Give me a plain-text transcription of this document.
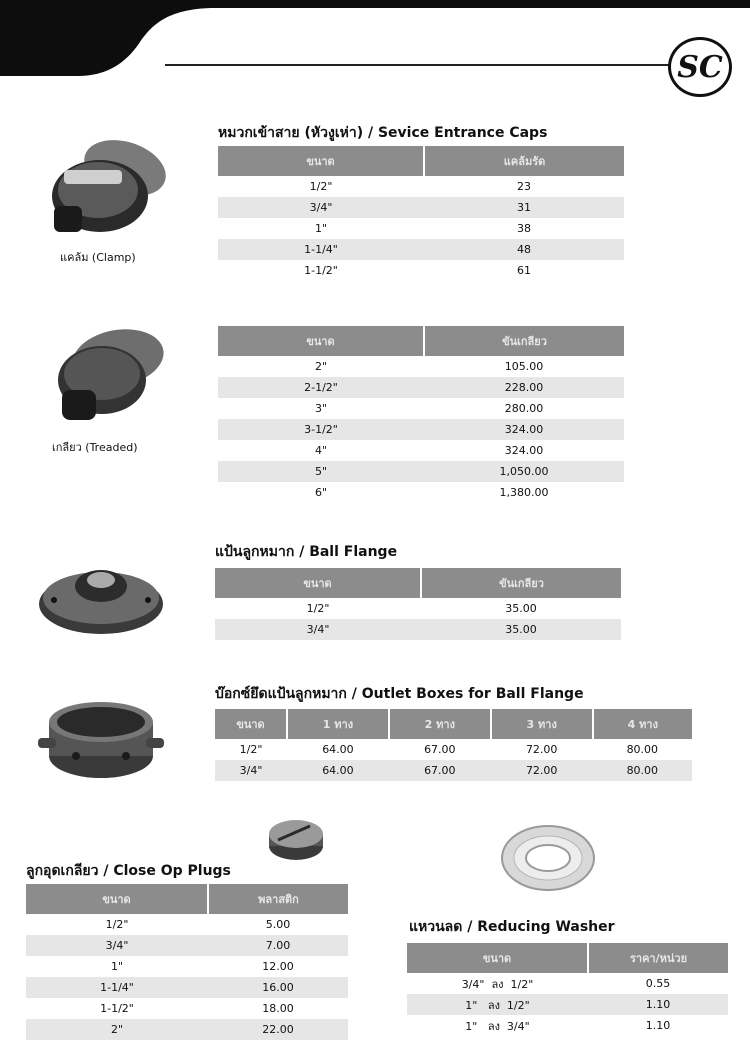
SC
หมวกเข้าสาย (หัวงูเห่า) / Sevice Entrance Caps
แคล้ม (Clamp)
ขนาด	แคล้มรัด
1/2"	23
3/4"	31
1"	38
1-1/4"	48
1-1/2"	61
เกลียว (Treaded)
ขนาด	ขันเกลียว
2"	105.00
2-1/2"	228.00
3"	280.00
3-1/2"	324.00
4"	324.00
5"	1,050.00
6"	1,380.00
แป้นลูกหมาก / Ball Flange
ขนาด	ขันเกลียว
1/2"	35.00
3/4"	35.00
บ๊อกซ์ยึดแป้นลูกหมาก / Outlet Boxes for Ball Flange
ขนาด	1 ทาง	2 ทาง	3 ทาง	4 ทาง
1/2"	64.00	67.00	72.00	80.00
3/4"	64.00	67.00	72.00	80.00
ลูกอุดเกลียว / Close Op Plugs
ขนาด	พลาสติก
1/2"	5.00
3/4"	7.00
1"	12.00
1-1/4"	16.00
1-1/2"	18.00
2"	22.00
แหวนลด / Reducing Washer
ขนาด	ราคา/หน่วย
3/4"  ลง  1/2"	0.55
1"   ลง  1/2"	1.10
1"   ลง  3/4"	1.10
